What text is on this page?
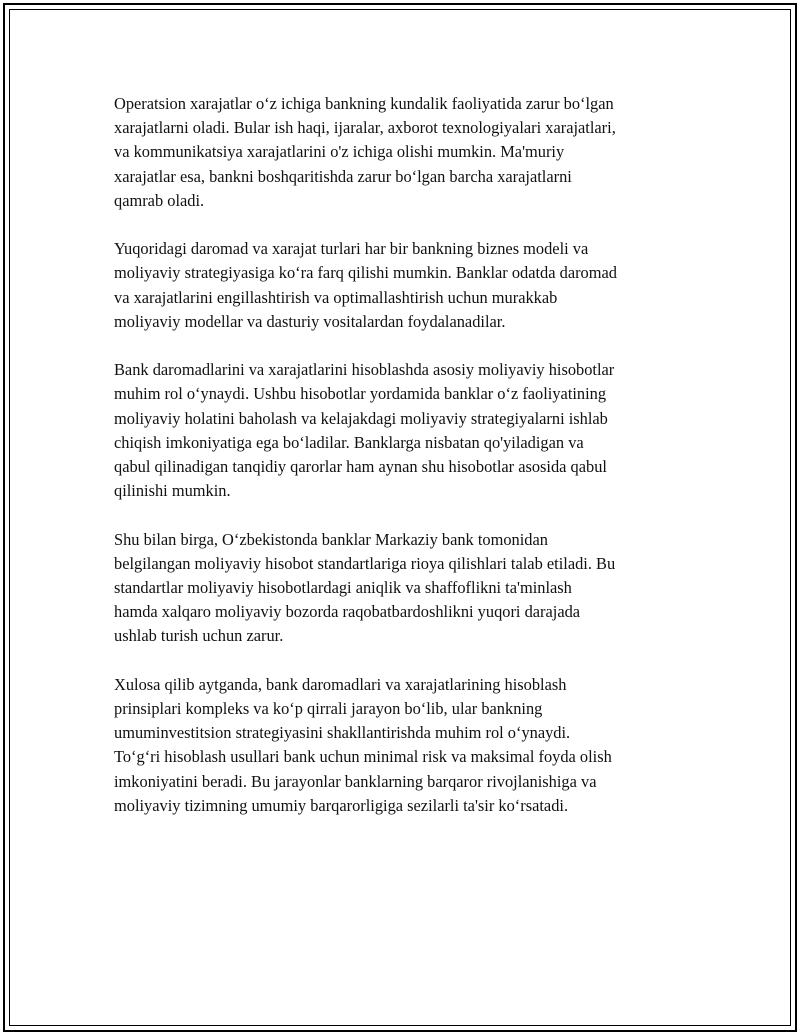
Operatsion xarajatlar o‘z ichiga bankning kundalik faoliyatida zarur bo‘lgan
xarajatlarni oladi. Bular ish haqi, ijaralar, axborot texnologiyalari xarajatlari,
va kommunikatsiya xarajatlarini o'z ichiga olishi mumkin. Ma'muriy
xarajatlar esa, bankni boshqaritishda zarur bo‘lgan barcha xarajatlarni
qamrab oladi.

Yuqoridagi daromad va xarajat turlari har bir bankning biznes modeli va
moliyaviy strategiyasiga ko‘ra farq qilishi mumkin. Banklar odatda daromad
va xarajatlarini engillashtirish va optimallashtirish uchun murakkab
moliyaviy modellar va dasturiy vositalardan foydalanadilar.

Bank daromadlarini va xarajatlarini hisoblashda asosiy moliyaviy hisobotlar
muhim rol o‘ynaydi. Ushbu hisobotlar yordamida banklar o‘z faoliyatining
moliyaviy holatini baholash va kelajakdagi moliyaviy strategiyalarni ishlab
chiqish imkoniyatiga ega bo‘ladilar. Banklarga nisbatan qo'yiladigan va
qabul qilinadigan tanqidiy qarorlar ham aynan shu hisobotlar asosida qabul
qilinishi mumkin.

Shu bilan birga, O‘zbekistonda banklar Markaziy bank tomonidan
belgilangan moliyaviy hisobot standartlariga rioya qilishlari talab etiladi. Bu
standartlar moliyaviy hisobotlardagi aniqlik va shaffoflikni ta'minlash
hamda xalqaro moliyaviy bozorda raqobatbardoshlikni yuqori darajada
ushlab turish uchun zarur.

Xulosa qilib aytganda, bank daromadlari va xarajatlarining hisoblash
prinsiplari kompleks va ko‘p qirrali jarayon bo‘lib, ular bankning
umuminvestitsion strategiyasini shakllantirishda muhim rol o‘ynaydi.
To‘g‘ri hisoblash usullari bank uchun minimal risk va maksimal foyda olish
imkoniyatini beradi. Bu jarayonlar banklarning barqaror rivojlanishiga va
moliyaviy tizimning umumiy barqarorligiga sezilarli ta'sir ko‘rsatadi.
